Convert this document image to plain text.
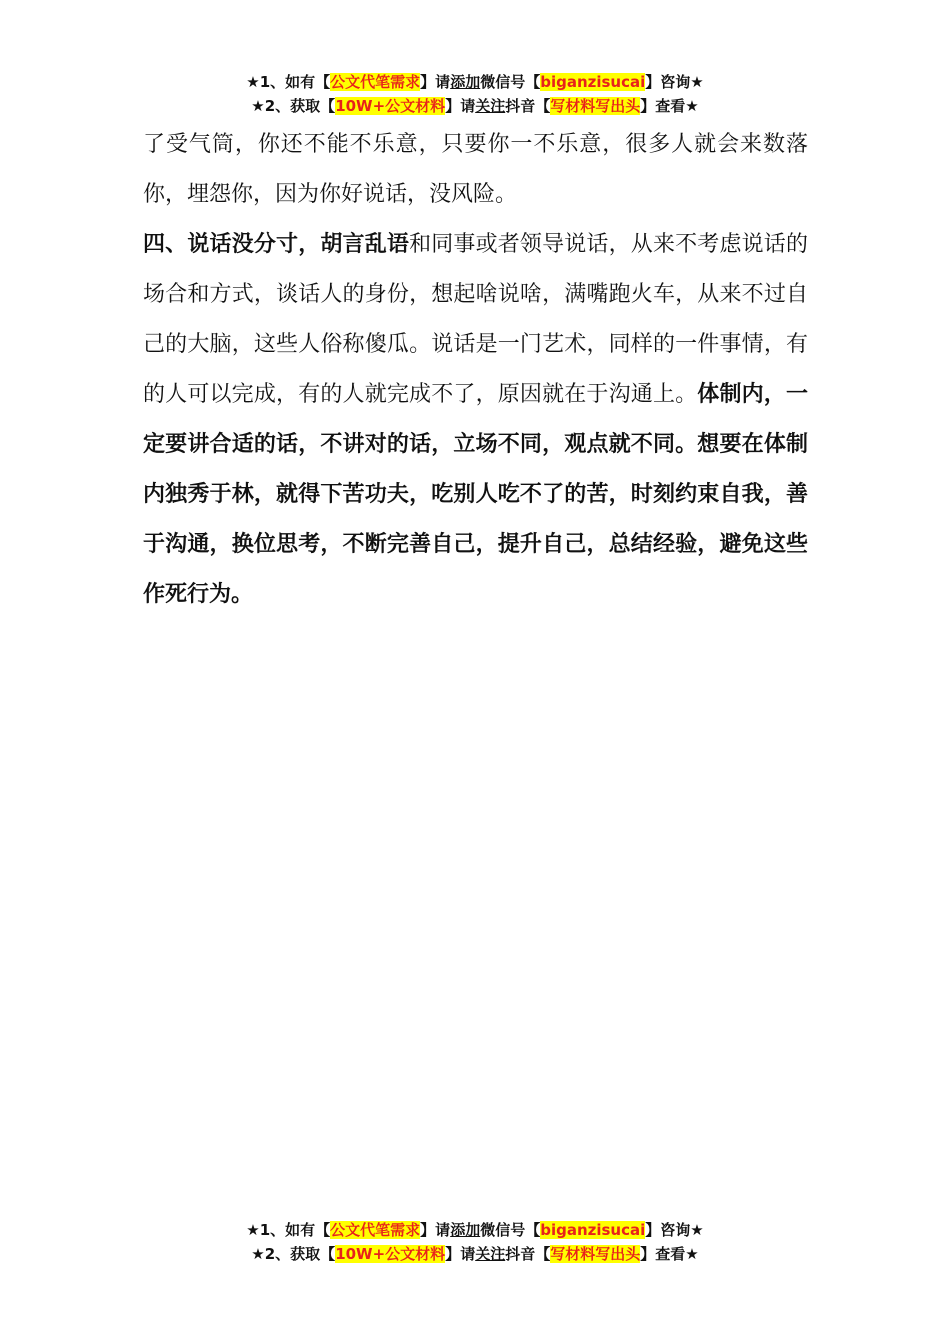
★1、如有【公文代笔需求】请添加微信号【biganzisucai】咨询★
★2、获取【10W+公文材料】请关注抖音【写材料写出头】查看★

了受气筒，你还不能不乐意，只要你一不乐意，很多人就会来数落你，埋怨你，因为你好说话，没风险。

四、说话没分寸，胡言乱语和同事或者领导说话，从来不考虑说话的场合和方式，谈话人的身份，想起啥说啥，满嘴跑火车，从来不过自己的大脑，这些人俗称傻瓜。说话是一门艺术，同样的一件事情，有的人可以完成，有的人就完成不了，原因就在于沟通上。体制内，一定要讲合适的话，不讲对的话，立场不同，观点就不同。想要在体制内独秀于林，就得下苦功夫，吃别人吃不了的苦，时刻约束自我，善于沟通，换位思考，不断完善自己，提升自己，总结经验，避免这些作死行为。

★1、如有【公文代笔需求】请添加微信号【biganzisucai】咨询★
★2、获取【10W+公文材料】请关注抖音【写材料写出头】查看★
